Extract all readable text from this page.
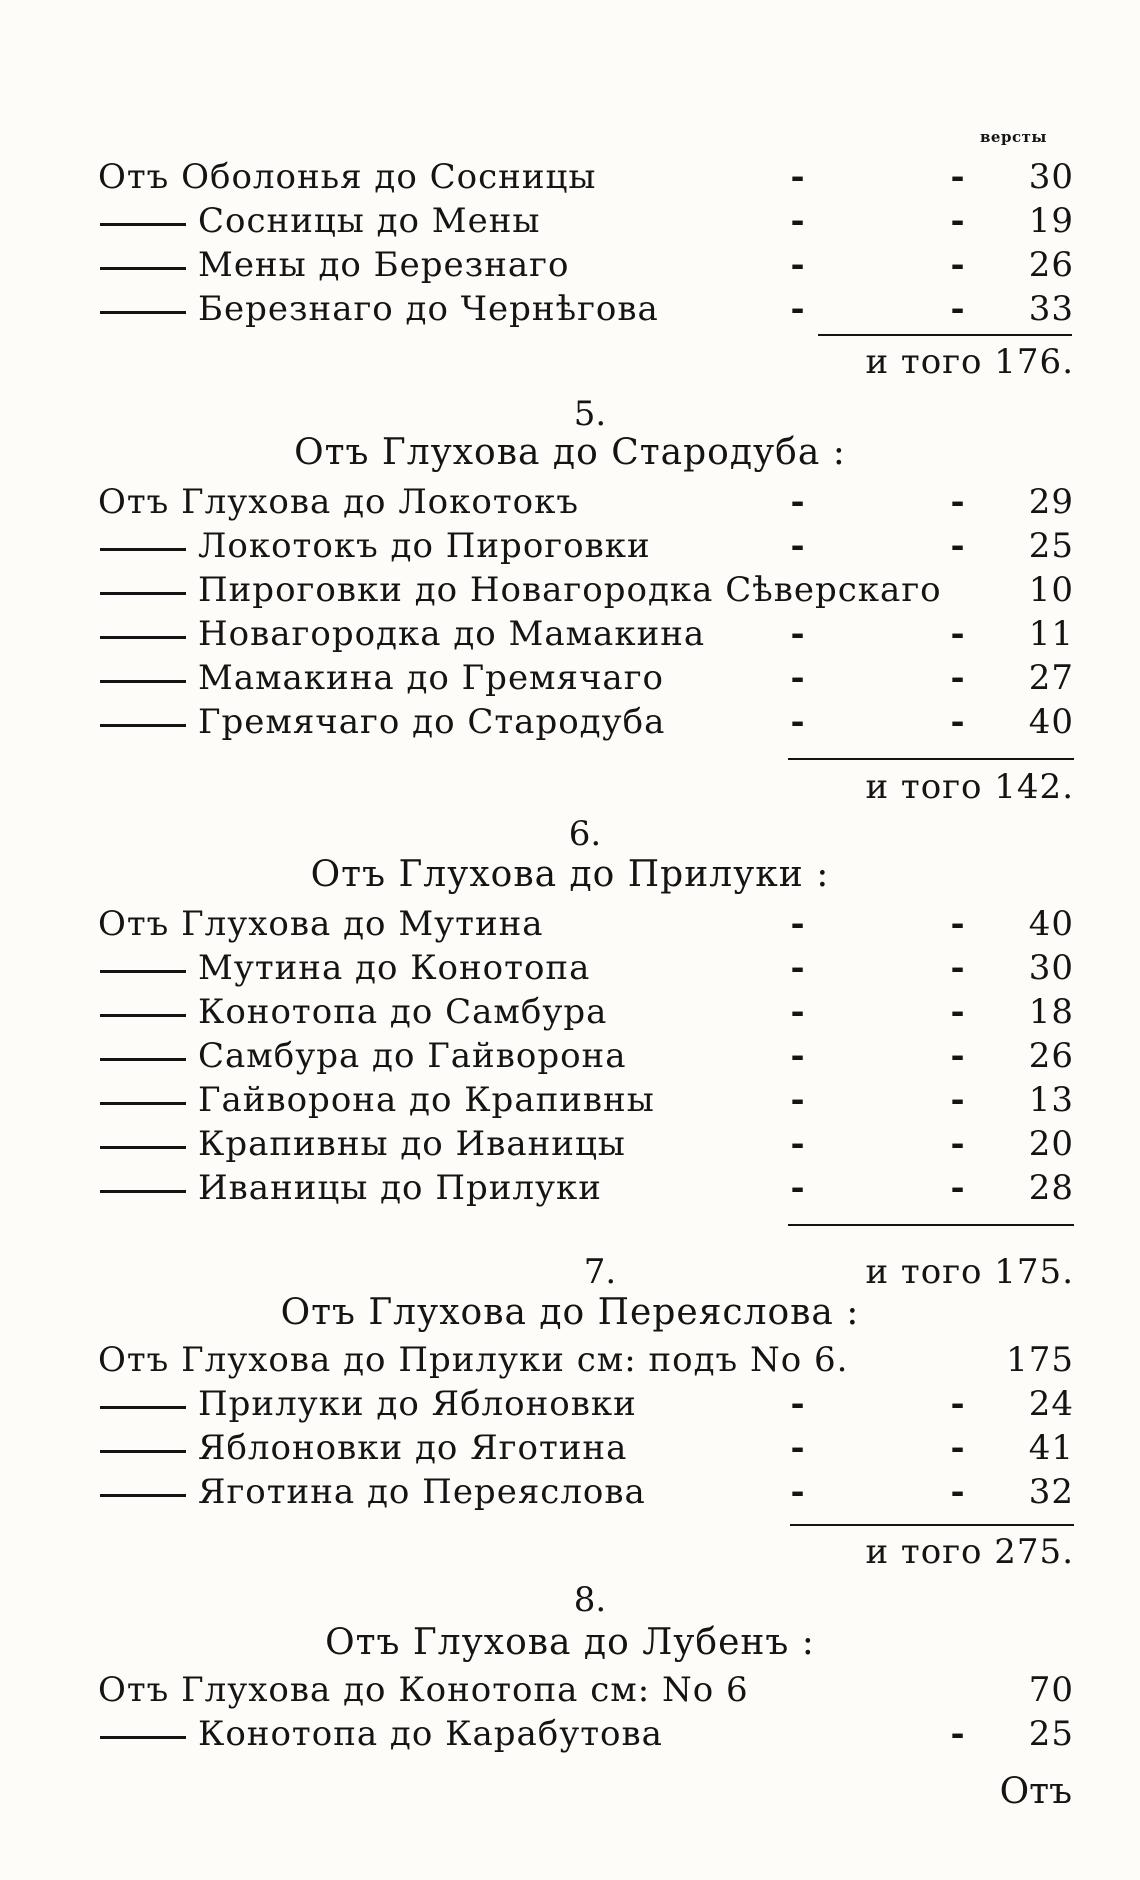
версты
Отъ Оболонья до Сосницы	-	- 30
Сосницы до Мены	-	- 19
Мены до Березнаго	-	- 26
Березнаго до Чернѣгова	-	- 33
и того 176.
5.
Отъ Глухова до Стародуба :
Отъ Глухова до Локотокъ	-	- 29
Локотокъ до Пироговки	-	- 25
Пироговки до Новагородка Сѣверскаго	10
Новагородка до Мамакина	-	- 11
Мамакина до Гремячаго	-	- 27
Гремячаго до Стародуба	-	- 40
и того 142.
6.
Отъ Глухова до Прилуки :
Отъ Глухова до Мутина	-	- 40
Мутина до Конотопа	-	- 30
Конотопа до Самбура	-	- 18
Самбура до Гайворона	-	- 26
Гайворона до Крапивны	-	- 13
Крапивны до Иваницы	-	- 20
Иваницы до Прилуки	-	- 28
7.	и того 175.
Отъ Глухова до Переяслова :
Отъ Глухова до Прилуки см: подъ No 6.	175
Прилуки до Яблоновки	-	- 24
Яблоновки до Яготина	-	- 41
Яготина до Переяслова	-	- 32
и того 275.
8.
Отъ Глухова до Лубенъ :
Отъ Глухова до Конотопа см: No 6	70
Конотопа до Карабутова	- 25
Отъ
